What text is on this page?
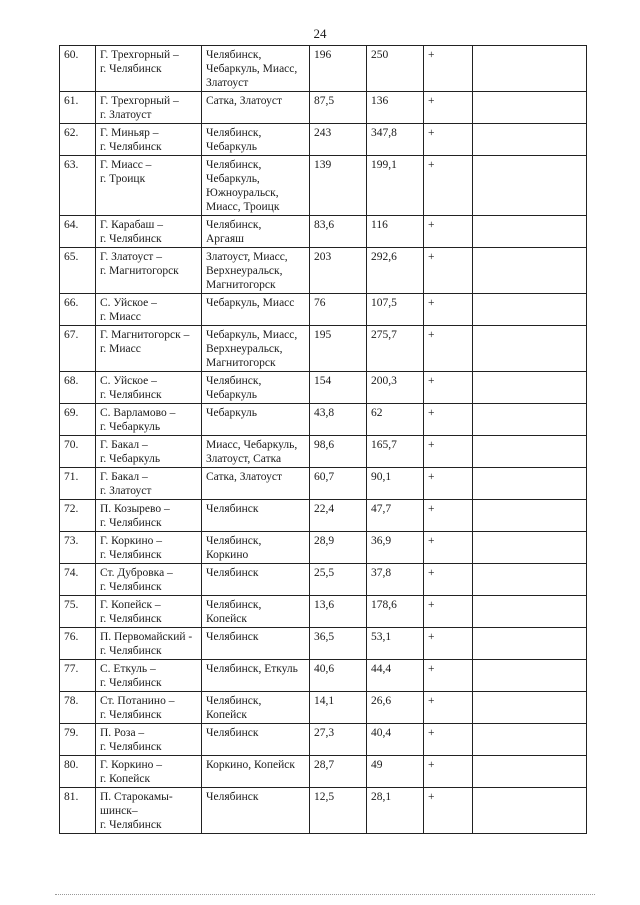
24
60.	Г. Трехгорный –
г. Челябинск	Челябинск,
Чебаркуль, Миасс,
Златоуст	196	250	+	
61.	Г. Трехгорный –
г. Златоуст	Сатка, Златоуст	87,5	136	+	
62.	Г. Миньяр –
г. Челябинск	Челябинск,
Чебаркуль	243	347,8	+	
63.	Г. Миасс –
г. Троицк	Челябинск,
Чебаркуль,
Южноуральск,
Миасс, Троицк	139	199,1	+	
64.	Г. Карабаш –
г. Челябинск	Челябинск,
Аргаяш	83,6	116	+	
65.	Г. Златоуст –
г. Магнитогорск	Златоуст, Миасс,
Верхнеуральск,
Магнитогорск	203	292,6	+	
66.	С. Уйское –
г. Миасс	Чебаркуль, Миасс	76	107,5	+	
67.	Г. Магнитогорск –
г. Миасс	Чебаркуль, Миасс,
Верхнеуральск,
Магнитогорск	195	275,7	+	
68.	С. Уйское –
г. Челябинск	Челябинск,
Чебаркуль	154	200,3	+	
69.	С. Варламово –
г. Чебаркуль	Чебаркуль	43,8	62	+	
70.	Г. Бакал –
г. Чебаркуль	Миасс, Чебаркуль,
Златоуст, Сатка	98,6	165,7	+	
71.	Г. Бакал –
г. Златоуст	Сатка, Златоуст	60,7	90,1	+	
72.	П. Козырево –
г. Челябинск	Челябинск	22,4	47,7	+	
73.	Г. Коркино –
г. Челябинск	Челябинск,
Коркино	28,9	36,9	+	
74.	Ст. Дубровка –
г. Челябинск	Челябинск	25,5	37,8	+	
75.	Г. Копейск –
г. Челябинск	Челябинск,
Копейск	13,6	178,6	+	
76.	П. Первомайский -
г. Челябинск	Челябинск	36,5	53,1	+	
77.	С. Еткуль –
г. Челябинск	Челябинск, Еткуль	40,6	44,4	+	
78.	Ст. Потанино –
г. Челябинск	Челябинск,
Копейск	14,1	26,6	+	
79.	П. Роза –
г. Челябинск	Челябинск	27,3	40,4	+	
80.	Г. Коркино –
г. Копейск	Коркино, Копейск	28,7	49	+	
81.	П. Старокамы-
шинск–
г. Челябинск	Челябинск	12,5	28,1	+	
